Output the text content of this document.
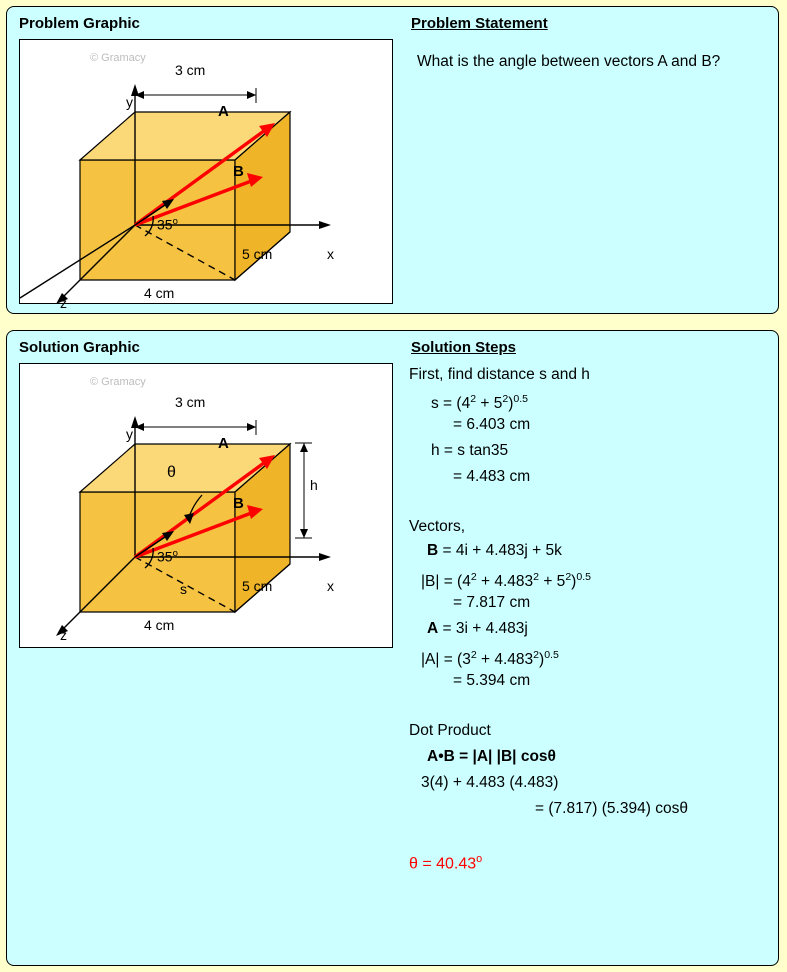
Problem Graphic	Problem Statement
© Gramacy
y
x
z
A
B
35$^o$
3 cm
5 cm
4 cm
What is the angle between vectors A and B?
Solution Graphic	Solution Steps
© Gramacy
y
x
z
A
B
θ
35$^o$
s
h
3 cm
5 cm
4 cm
First, find distance s and h
$s = (4^2 + 5^2)^{0.5}$
= 6.403 cm
h = s tan35
= 4.483 cm
Vectors,
B = 4i + 4.483j + 5k
$|B| = (4^2 + 4.483^2 + 5^2)^{0.5}$
= 7.817 cm
A = 3i + 4.483j
$|A| = (3^2 + 4.483^2)^{0.5}$
= 5.394 cm
Dot Product
A•B = |A| |B| cosθ
3(4) + 4.483 (4.483)
= (7.817) (5.394) cosθ
$\theta = 40.43^o$
